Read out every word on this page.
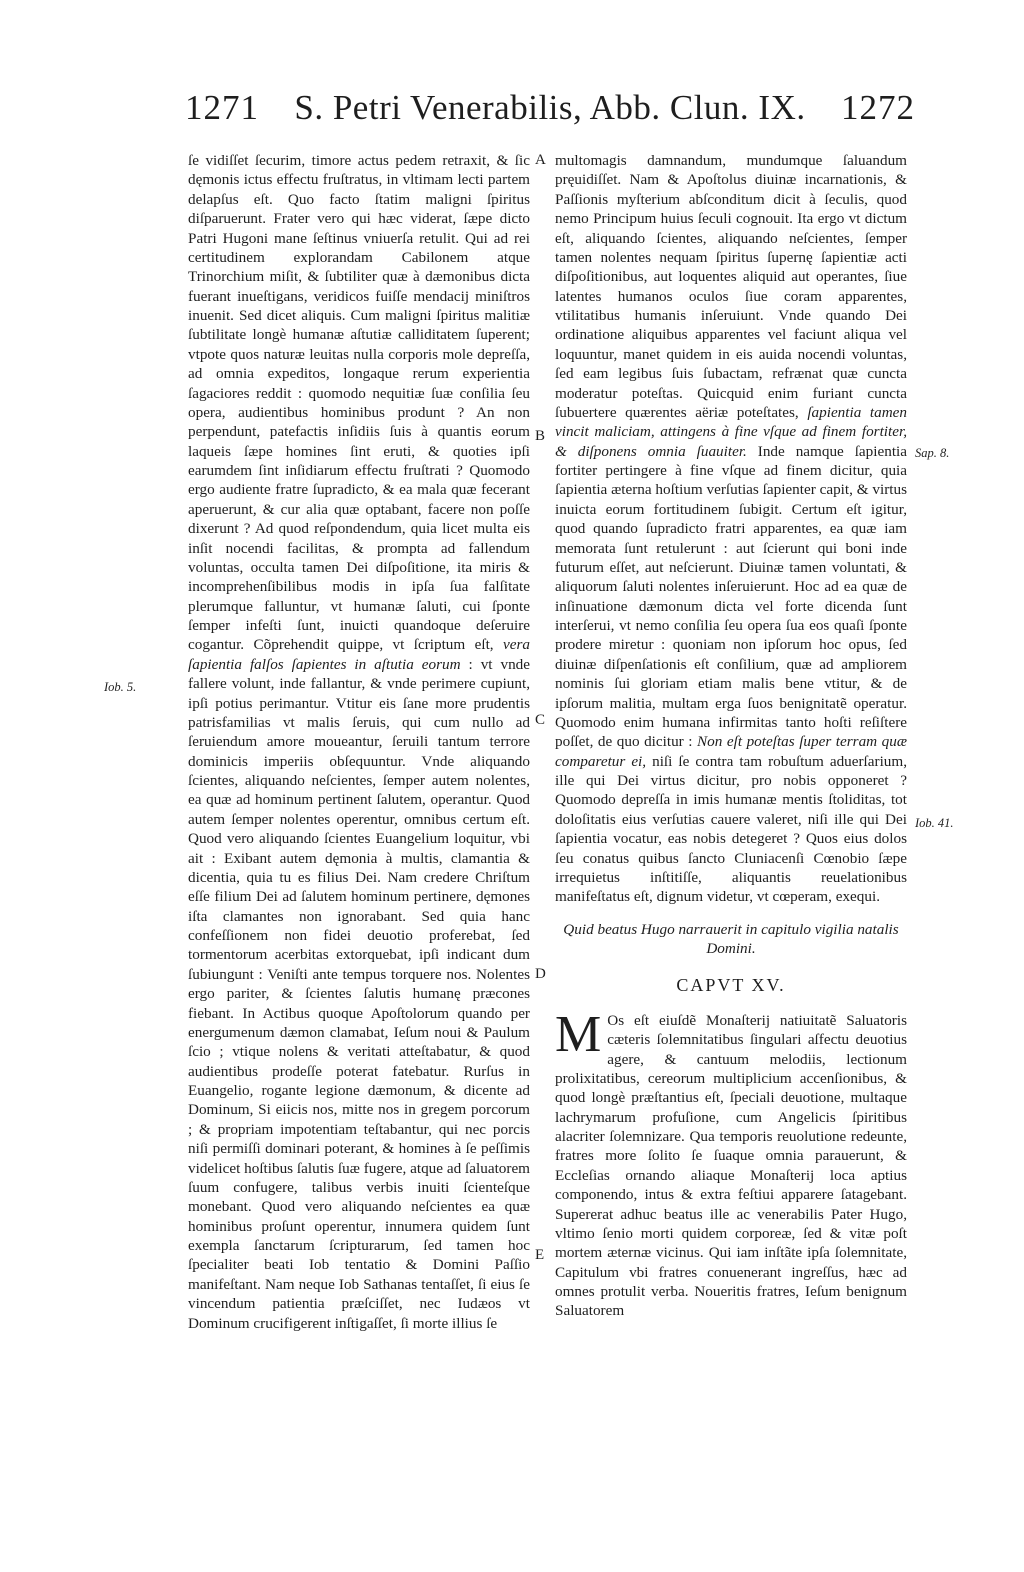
1271	S. Petri Venerabilis, Abb. Clun. IX.	1272

ſe vidiſſet ſecurim, timore actus pedem retraxit, & ſic dęmonis ictus effectu fruſtratus, in vltimam lecti partem delapſus eſt. Quo facto ſtatim maligni ſpiritus diſparuerunt. Frater vero qui hæc viderat, ſæpe dicto Patri Hugoni mane ſeſtinus vniuerſa retulit. Qui ad rei certitudinem explorandam Cabilonem atque Trinorchium miſit, & ſubtiliter quæ à dæmonibus dicta fuerant inueſtigans, veridicos fuiſſe mendacij miniſtros inuenit. Sed dicet aliquis. Cum maligni ſpiritus malitiæ ſubtilitate longè humanæ aſtutiæ calliditatem ſuperent; vtpote quos naturæ leuitas nulla corporis mole depreſſa, ad omnia expeditos, longaque rerum experientia ſagaciores reddit : quomodo nequitiæ ſuæ conſilia ſeu opera, audientibus hominibus produnt ? An non perpendunt, patefactis inſidiis ſuis à quantis eorum laqueis ſæpe homines ſint eruti, & quoties ipſi earumdem ſint inſidiarum effectu fruſtrati ? Quomodo ergo audiente fratre ſupradicto, & ea mala quæ fecerant aperuerunt, & cur alia quæ optabant, facere non poſſe dixerunt ? Ad quod reſpondendum, quia licet multa eis inſit nocendi facilitas, & prompta ad fallendum voluntas, occulta tamen Dei diſpoſitione, ita miris & incomprehenſibilibus modis in ipſa ſua falſitate plerumque falluntur, vt humanæ ſaluti, cui ſponte ſemper infeſti ſunt, inuicti quandoque deſeruire cogantur. Cõprehendit quippe, vt ſcriptum eſt, vera ſapientia falſos ſapientes in aſtutia eorum : vt vnde fallere volunt, inde fallantur, & vnde perimere cupiunt, ipſi potius perimantur. Vtitur eis ſane more prudentis patrisfamilias vt malis ſeruis, qui cum nullo ad ſeruiendum amore moueantur, ſeruili tantum terrore dominicis imperiis obſequuntur. Vnde aliquando ſcientes, aliquando neſcientes, ſemper autem nolentes, ea quæ ad hominum pertinent ſalutem, operantur. Quod autem ſemper nolentes operentur, omnibus certum eſt. Quod vero aliquando ſcientes Euangelium loquitur, vbi ait : Exibant autem dęmonia à multis, clamantia & dicentia, quia tu es filius Dei. Nam credere Chriſtum eſſe filium Dei ad ſalutem hominum pertinere, dęmones iſta clamantes non ignorabant. Sed quia hanc confeſſionem non fidei deuotio proferebat, ſed tormentorum acerbitas extorquebat, ipſi indicant dum ſubiungunt : Veniſti ante tempus torquere nos. Nolentes ergo pariter, & ſcientes ſalutis humanę præcones fiebant. In Actibus quoque Apoſtolorum quando per energumenum dæmon clamabat, Ieſum noui & Paulum ſcio ; vtique nolens & veritati atteſtabatur, & quod audientibus prodeſſe poterat fatebatur. Rurſus in Euangelio, rogante legione dæmonum, & dicente ad Dominum, Si eiicis nos, mitte nos in gregem porcorum ; & propriam impotentiam teſtabantur, qui nec porcis niſi permiſſi dominari poterant, & homines à ſe peſſimis videlicet hoſtibus ſalutis ſuæ fugere, atque ad ſaluatorem ſuum confugere, talibus verbis inuiti ſcienteſque monebant. Quod vero aliquando neſcientes ea quæ hominibus proſunt operentur, innumera quidem ſunt exempla ſanctarum ſcripturarum, ſed tamen hoc ſpecialiter beati Iob tentatio & Domini Paſſio manifeſtant. Nam neque Iob Sathanas tentaſſet, ſi eius ſe vincendum patientia præſciſſet, nec Iudæos vt Dominum crucifigerent inſtigaſſet, ſi morte illius ſe

multomagis damnandum, mundumque ſaluandum pręuidiſſet. Nam & Apoſtolus diuinæ incarnationis, & Paſſionis myſterium abſconditum dicit à ſeculis, quod nemo Principum huius ſeculi cognouit. Ita ergo vt dictum eſt, aliquando ſcientes, aliquando neſcientes, ſemper tamen nolentes nequam ſpiritus ſupernę ſapientiæ acti diſpoſitionibus, aut loquentes aliquid aut operantes, ſiue latentes humanos oculos ſiue coram apparentes, vtilitatibus humanis inſeruiunt. Vnde quando Dei ordinatione aliquibus apparentes vel faciunt aliqua vel loquuntur, manet quidem in eis auida nocendi voluntas, ſed eam legibus ſuis ſubactam, refrænat quæ cuncta moderatur poteſtas. Quicquid enim furiant cuncta ſubuertere quærentes aëriæ poteſtates, ſapientia tamen vincit maliciam, attingens à fine vſque ad finem fortiter, & diſponens omnia ſuauiter. Inde namque ſapientia fortiter pertingere à fine vſque ad finem dicitur, quia ſapientia æterna hoſtium verſutias ſapienter capit, & virtus inuicta eorum fortitudinem ſubigit. Certum eſt igitur, quod quando ſupradicto fratri apparentes, ea quæ iam memorata ſunt retulerunt : aut ſcierunt qui boni inde futurum eſſet, aut neſcierunt. Diuinæ tamen voluntati, & aliquorum ſaluti nolentes inſeruierunt. Hoc ad ea quæ de inſinuatione dæmonum dicta vel forte dicenda ſunt interſerui, vt nemo conſilia ſeu opera ſua eos quaſi ſponte prodere miretur : quoniam non ipſorum hoc opus, ſed diuinæ diſpenſationis eſt conſilium, quæ ad ampliorem nominis ſui gloriam etiam malis bene vtitur, & de ipſorum malitia, multam erga ſuos benignitatẽ operatur. Quomodo enim humana infirmitas tanto hoſti reſiſtere poſſet, de quo dicitur : Non eſt poteſtas ſuper terram quæ comparetur ei, niſi ſe contra tam robuſtum aduerſarium, ille qui Dei virtus dicitur, pro nobis opponeret ? Quomodo depreſſa in imis humanæ mentis ſtoliditas, tot doloſitatis eius verſutias cauere valeret, niſi ille qui Dei ſapientia vocatur, eas nobis detegeret ? Quos eius dolos ſeu conatus quibus ſancto Cluniacenſi Cœnobio ſæpe irrequietus inſtitiſſe, aliquantis reuelationibus manifeſtatus eſt, dignum videtur, vt cœperam, exequi.

Quid beatus Hugo narrauerit in capitulo vigilia natalis Domini.

CAPVT XV.

M Os eſt eiuſdẽ Monaſterij natiuitatẽ Saluatoris cæteris ſolemnitatibus ſingulari aſfectu deuotius agere, & cantuum melodiis, lectionum prolixitatibus, cereorum multiplicium accenſionibus, & quod longè præſtantius eſt, ſpeciali deuotione, multaque lachrymarum profuſione, cum Angelicis ſpiritibus alacriter ſolemnizare. Qua temporis reuolutione redeunte, fratres more ſolito ſe ſuaque omnia parauerunt, & Eccleſias ornando aliaque Monaſterij loca aptius componendo, intus & extra feſtiui apparere ſatagebant. Supererat adhuc beatus ille ac venerabilis Pater Hugo, vltimo ſenio morti quidem corporeæ, ſed & vitæ poſt mortem æternæ vicinus. Qui iam inſtãte ipſa ſolemnitate, Capitulum vbi fratres conuenerant ingreſſus, hæc ad omnes protulit verba. Noueritis fratres, Ieſum benignum Saluatorem

A
B
C
D
E
Iob. 5.
Sap. 8.
Iob. 41.
